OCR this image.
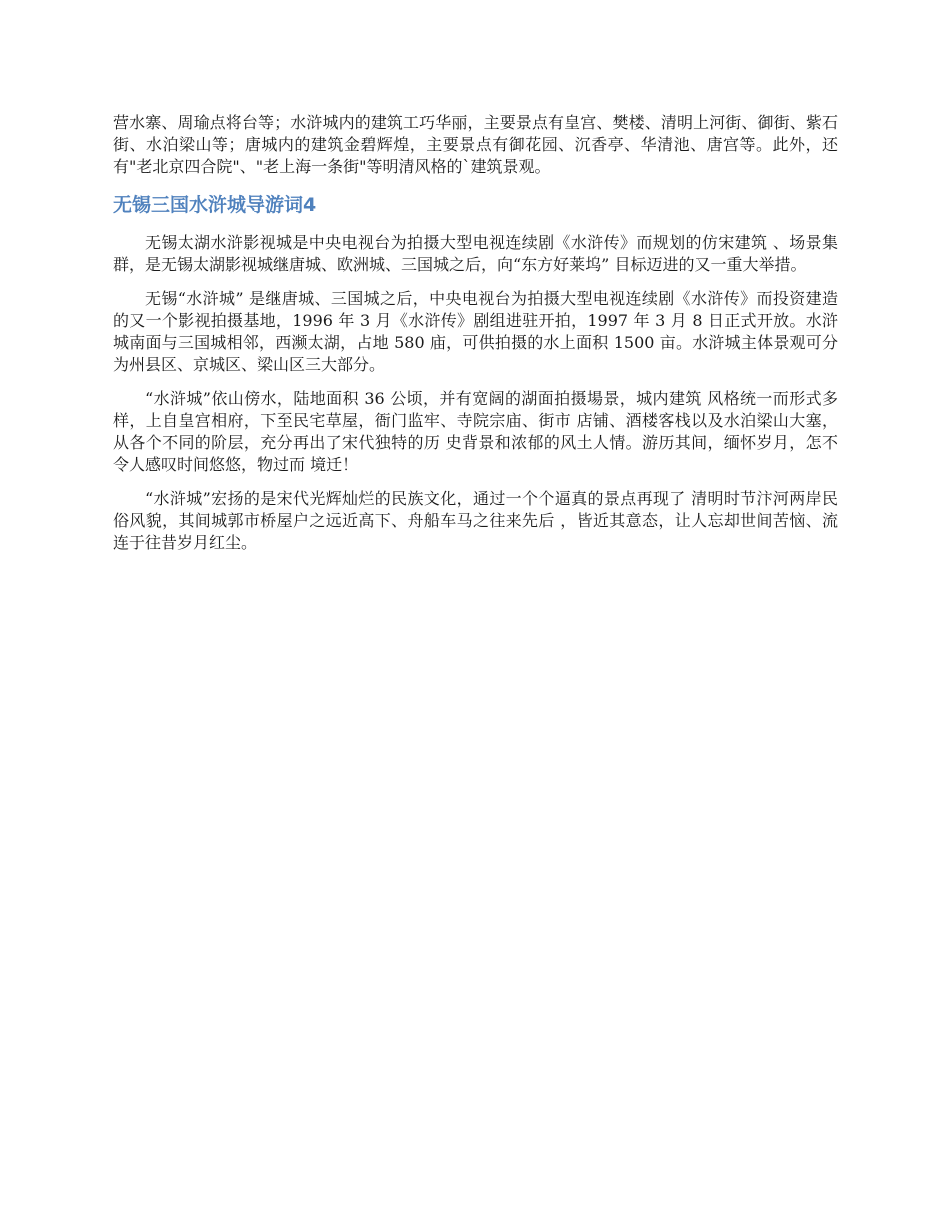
营水寨、周瑜点将台等；水浒城内的建筑工巧华丽，主要景点有皇宫、樊楼、清明上河街、御街、紫石街、水泊梁山等；唐城内的建筑金碧辉煌，主要景点有御花园、沉香亭、华清池、唐宫等。此外，还有"老北京四合院"、"老上海一条街"等明清风格的`建筑景观。

无锡三国水浒城导游词4

无锡太湖水浒影视城是中央电视台为拍摄大型电视连续剧《水浒传》而规划的仿宋建筑 、场景集群，是无锡太湖影视城继唐城、欧洲城、三国城之后，向“东方好莱坞” 目标迈进的又一重大举措。

无锡“水浒城” 是继唐城、三国城之后，中央电视台为拍摄大型电视连续剧《水浒传》而投资建造的又一个影视拍摄基地，1996 年 3 月《水浒传》剧组进驻开拍，1997 年 3 月 8 日正式开放。水浒城南面与三国城相邻，西濒太湖，占地 580 庙，可供拍摄的水上面积 1500 亩。水浒城主体景观可分为州县区、京城区、梁山区三大部分。

“水浒城”依山傍水，陆地面积 36 公顷，并有宽阔的湖面拍摄場景，城内建筑 风格统一而形式多样，上自皇宫相府，下至民宅草屋，衙门监牢、寺院宗庙、街市 店铺、酒楼客栈以及水泊梁山大塞，从各个不同的阶层，充分再出了宋代独特的历 史背景和浓郁的风土人情。游历其间，缅怀岁月，怎不令人感叹时间悠悠，物过而 境迁！

“水浒城”宏扬的是宋代光辉灿烂的民族文化，通过一个个逼真的景点再现了 清明时节汴河两岸民俗风貌，其间城郭市桥屋户之远近高下、舟船车马之往来先后 ，皆近其意态，让人忘却世间苦恼、流连于往昔岁月红尘。
